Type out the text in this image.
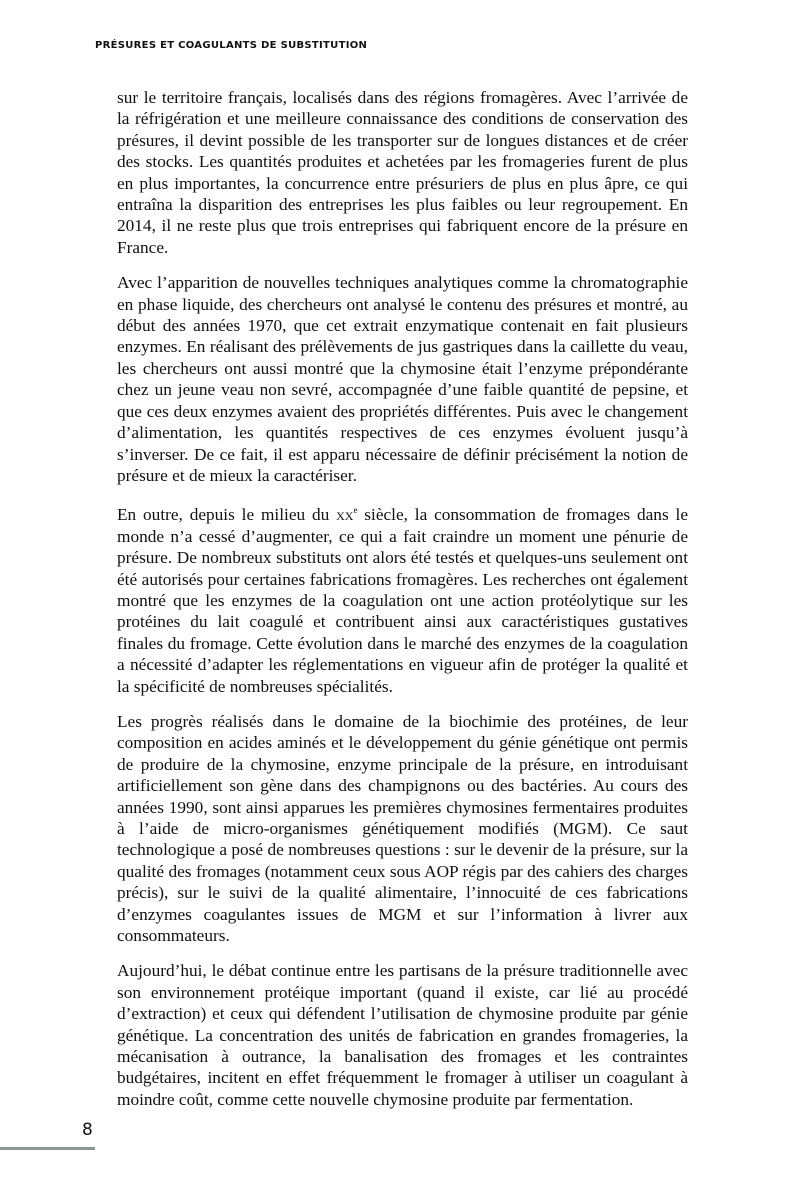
PRÉSURES ET COAGULANTS DE SUBSTITUTION

sur le territoire français, localisés dans des régions fromagères. Avec l’arrivée de la réfrigération et une meilleure connaissance des conditions de conservation des présures, il devint possible de les transporter sur de longues distances et de créer des stocks. Les quantités produites et achetées par les fromageries furent de plus en plus importantes, la concurrence entre présuriers de plus en plus âpre, ce qui entraîna la disparition des entreprises les plus faibles ou leur regroupement. En 2014, il ne reste plus que trois entreprises qui fabriquent encore de la présure en France.

Avec l’apparition de nouvelles techniques analytiques comme la chromatographie en phase liquide, des chercheurs ont analysé le contenu des présures et montré, au début des années 1970, que cet extrait enzymatique contenait en fait plusieurs enzymes. En réalisant des prélèvements de jus gastriques dans la caillette du veau, les chercheurs ont aussi montré que la chymosine était l’enzyme prépondérante chez un jeune veau non sevré, accompagnée d’une faible quantité de pepsine, et que ces deux enzymes avaient des propriétés différentes. Puis avec le changement d’alimentation, les quantités respectives de ces enzymes évoluent jusqu’à s’inverser. De ce fait, il est apparu nécessaire de définir précisément la notion de présure et de mieux la caractériser.

En outre, depuis le milieu du $xx^e$ siècle, la consommation de fromages dans le monde n’a cessé d’augmenter, ce qui a fait craindre un moment une pénurie de présure. De nombreux substituts ont alors été testés et quelques-uns seulement ont été autorisés pour certaines fabrications fromagères. Les recherches ont également montré que les enzymes de la coagulation ont une action protéolytique sur les protéines du lait coagulé et contribuent ainsi aux caractéristiques gustatives finales du fromage. Cette évolution dans le marché des enzymes de la coagulation a nécessité d’adapter les réglementations en vigueur afin de protéger la qualité et la spécificité de nombreuses spécialités.

Les progrès réalisés dans le domaine de la biochimie des protéines, de leur composition en acides aminés et le développement du génie génétique ont permis de produire de la chymosine, enzyme principale de la présure, en introduisant artificiellement son gène dans des champignons ou des bactéries. Au cours des années 1990, sont ainsi apparues les premières chymosines fermentaires produites à l’aide de micro-organismes génétiquement modifiés (MGM). Ce saut technologique a posé de nombreuses questions : sur le devenir de la présure, sur la qualité des fromages (notamment ceux sous AOP régis par des cahiers des charges précis), sur le suivi de la qualité alimentaire, l’innocuité de ces fabrications d’enzymes coagulantes issues de MGM et sur l’information à livrer aux consommateurs.

Aujourd’hui, le débat continue entre les partisans de la présure traditionnelle avec son environnement protéique important (quand il existe, car lié au procédé d’extraction) et ceux qui défendent l’utilisation de chymosine produite par génie génétique. La concentration des unités de fabrication en grandes fromageries, la mécanisation à outrance, la banalisation des fromages et les contraintes budgétaires, incitent en effet fréquemment le fromager à utiliser un coagulant à moindre coût, comme cette nouvelle chymosine produite par fermentation.

8
